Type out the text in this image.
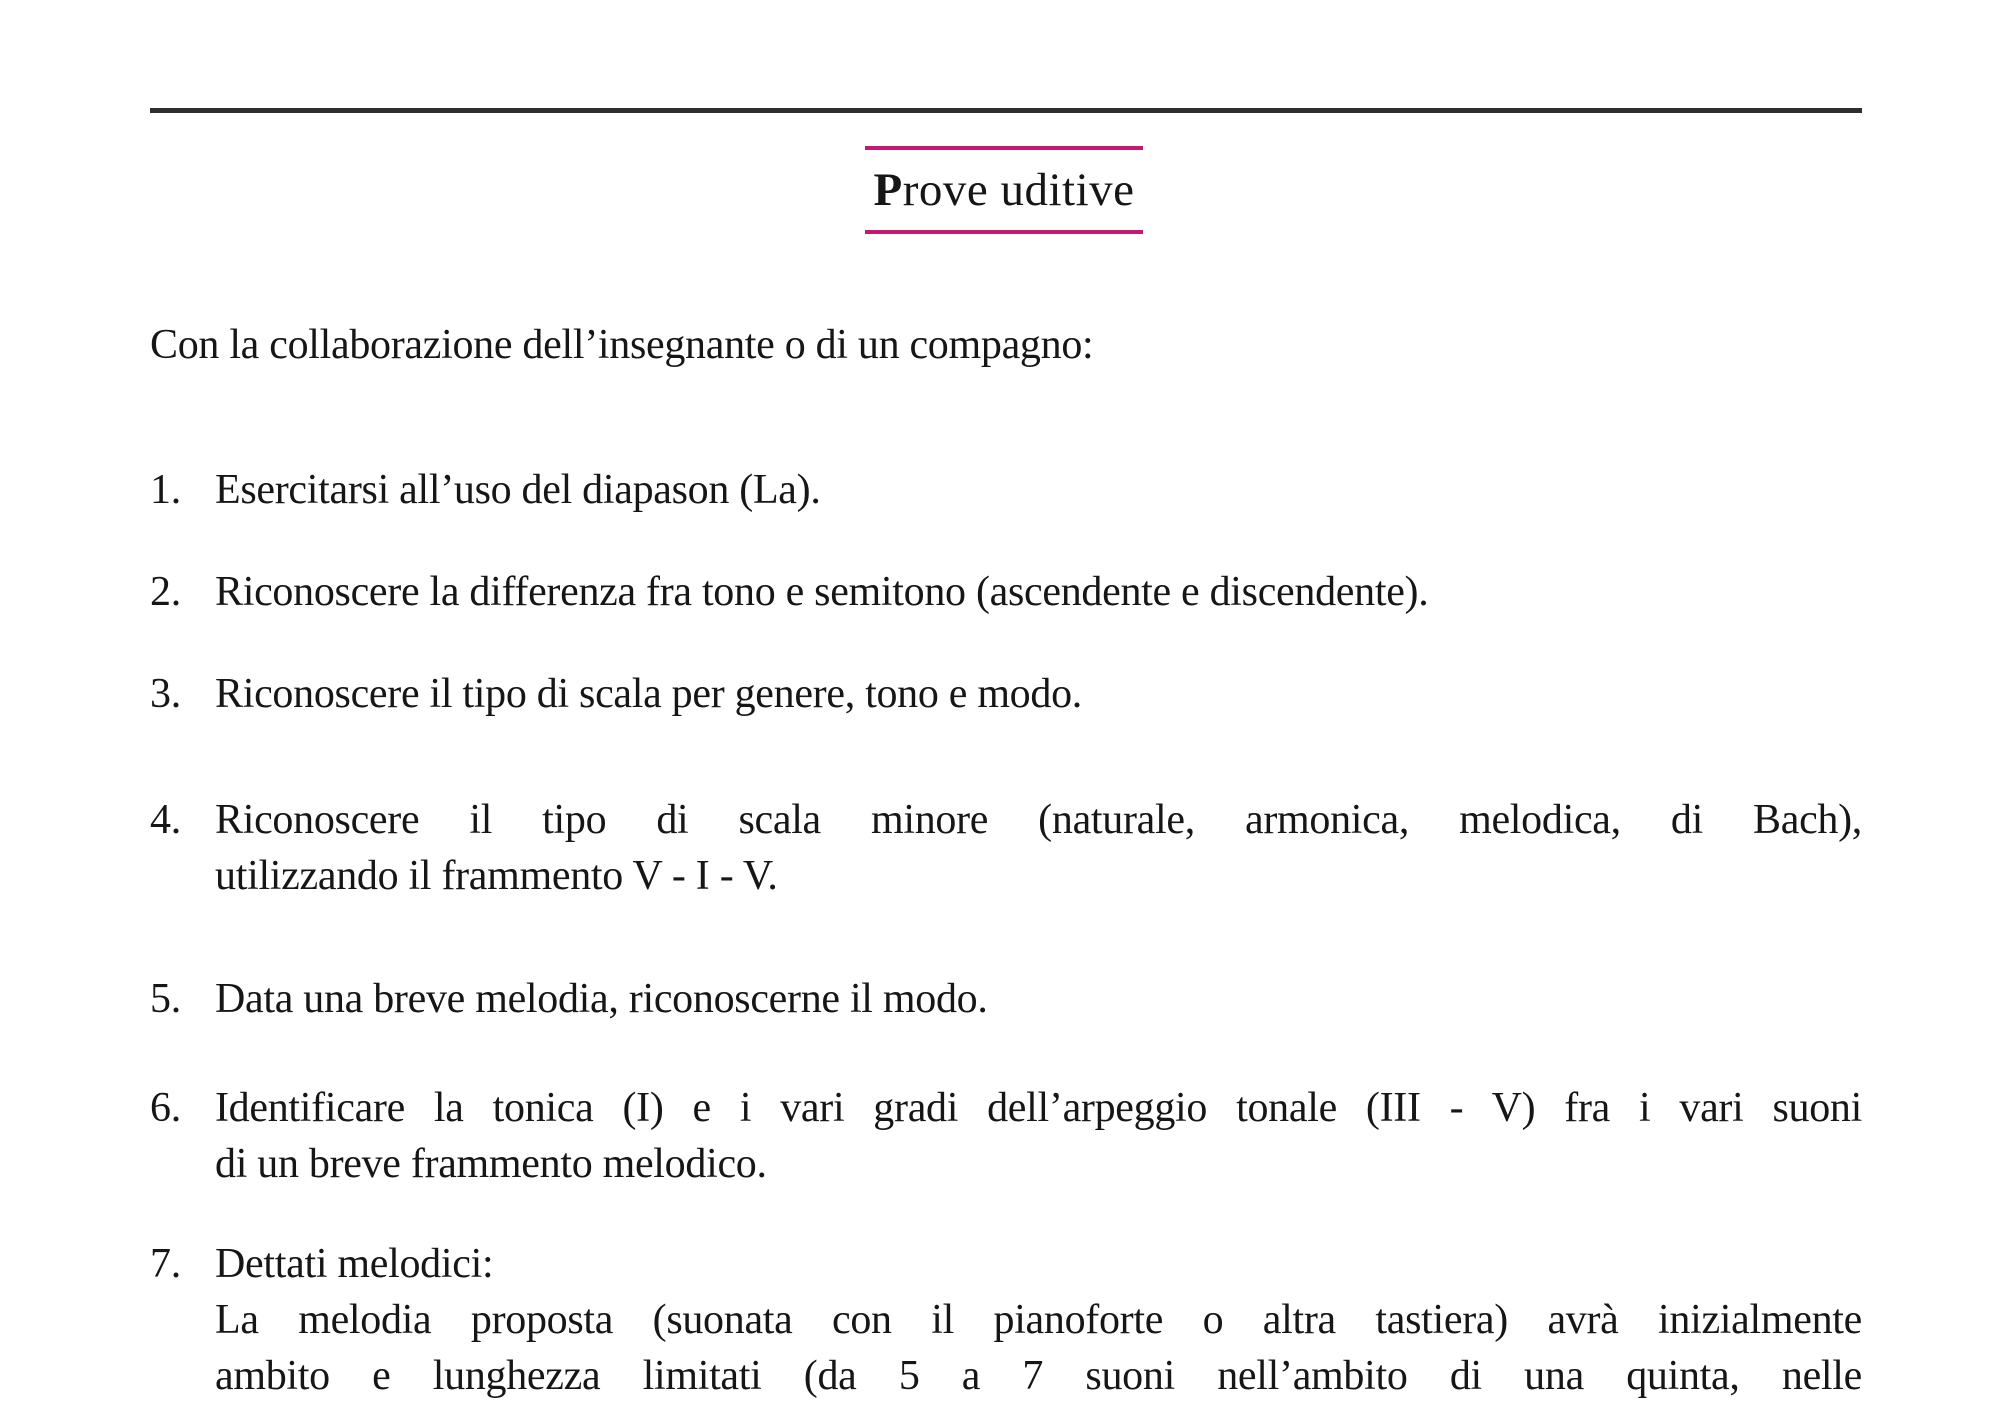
Prove uditive

Con la collaborazione dell’insegnante o di un compagno:

1. Esercitarsi all’uso del diapason (La).
2. Riconoscere la differenza fra tono e semitono (ascendente e discendente).
3. Riconoscere il tipo di scala per genere, tono e modo.
4. Riconoscere il tipo di scala minore (naturale, armonica, melodica, di Bach),
utilizzando il frammento V - I - V.
5. Data una breve melodia, riconoscerne il modo.
6. Identificare la tonica (I) e i vari gradi dell’arpeggio tonale (III - V) fra i vari suoni
di un breve frammento melodico.
7. Dettati melodici:
La melodia proposta (suonata con il pianoforte o altra tastiera) avrà inizialmente
ambito e lunghezza limitati (da 5 a 7 suoni nell’ambito di una quinta, nelle
